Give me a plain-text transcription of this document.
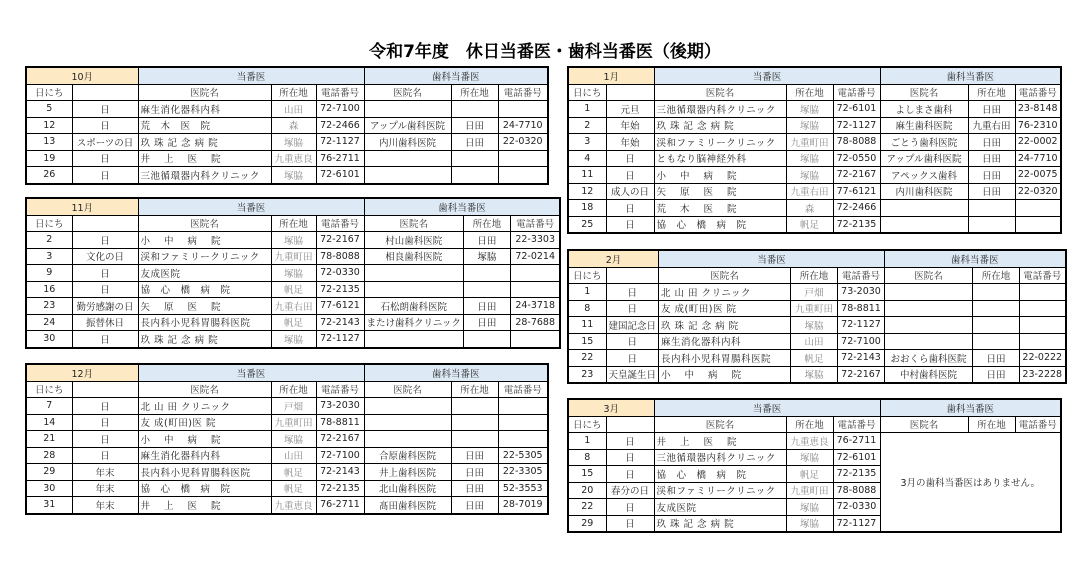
令和7年度　休日当番医・歯科当番医（後期）
10月		当番医			歯科当番医		
日にち		医院名	所在地	電話番号	医院名	所在地	電話番号
5	日	麻生消化器科内科	山田	72-7100			
12	日	荒　木　医　院	森	72-2466	アップル歯科医院	日田	24-7710
13	スポーツの日	玖 珠 記 念 病 院	塚脇	72-1127	内川歯科医院	日田	22-0320
19	日	井　 上　 医　 院	九重恵良	76-2711			
26	日	三池循環器内科クリニック	塚脇	72-6101			
11月		当番医			歯科当番医		
日にち		医院名	所在地	電話番号	医院名	所在地	電話番号
2	日	小　 中　 病　 院	塚脇	72-2167	村山歯科医院	日田	22-3303
3	文化の日	渓和ファミリークリニック	九重町田	78-8088	相良歯科医院	塚脇	72-0214
9	日	友成医院	塚脇	72-0330			
16	日	協　心　橋　病　院	帆足	72-2135			
23	勤労感謝の日	矢　 原　 医　 院	九重右田	77-6121	石松朗歯科医院	日田	24-3718
24	振替休日	長内科小児科胃腸科医院	帆足	72-2143	またけ歯科クリニック	日田	28-7688
30	日	玖 珠 記 念 病 院	塚脇	72-1127			
12月		当番医			歯科当番医		
日にち		医院名	所在地	電話番号	医院名	所在地	電話番号
7	日	北 山 田 クリニック	戸畑	73-2030			
14	日	友 成(町田)医 院	九重町田	78-8811			
21	日	小　 中　 病　 院	塚脇	72-2167			
28	日	麻生消化器科内科	山田	72-7100	合原歯科医院	日田	22-5305
29	年末	長内科小児科胃腸科医院	帆足	72-2143	井上歯科医院	日田	22-3305
30	年末	協　心　橋　病　院	帆足	72-2135	北山歯科医院	日田	52-3553
31	年末	井　 上　 医　 院	九重恵良	76-2711	髙田歯科医院	日田	28-7019
1月		当番医			歯科当番医		
日にち		医院名	所在地	電話番号	医院名	所在地	電話番号
1	元旦	三池循環器内科クリニック	塚脇	72-6101	よしまさ歯科	日田	23-8148
2	年始	玖 珠 記 念 病 院	塚脇	72-1127	麻生歯科医院	九重右田	76-2310
3	年始	渓和ファミリークリニック	九重町田	78-8088	ごとう歯科医院	日田	22-0002
4	日	ともなり脳神経外科	塚脇	72-0550	アップル歯科医院	日田	24-7710
11	日	小　 中　 病　 院	塚脇	72-2167	アペックス歯科	日田	22-0075
12	成人の日	矢　 原　 医　 院	九重右田	77-6121	内川歯科医院	日田	22-0320
18	日	荒　 木　 医　 院	森	72-2466			
25	日	協　心　橋　病　院	帆足	72-2135			
2月		当番医			歯科当番医		
日にち		医院名	所在地	電話番号	医院名	所在地	電話番号
1	日	北 山 田 クリニック	戸畑	73-2030			
8	日	友 成(町田)医 院	九重町田	78-8811			
11	建国記念日	玖 珠 記 念 病 院	塚脇	72-1127			
15	日	麻生消化器科内科	山田	72-7100			
22	日	長内科小児科胃腸科医院	帆足	72-2143	おおくら歯科医院	日田	22-0222
23	天皇誕生日	小　 中　 病　 院	塚脇	72-2167	中村歯科医院	日田	23-2228
3月		当番医			歯科当番医		
日にち		医院名	所在地	電話番号	医院名	所在地	電話番号
1	日	井　 上　 医　 院	九重恵良	76-2711	3月の歯科当番医はありません。		
8	日	三池循環器内科クリニック	塚脇	72-6101			
15	日	協　心　橋　病　院	帆足	72-2135			
20	春分の日	渓和ファミリークリニック	九重町田	78-8088			
22	日	友成医院	塚脇	72-0330			
29	日	玖 珠 記 念 病 院	塚脇	72-1127			
